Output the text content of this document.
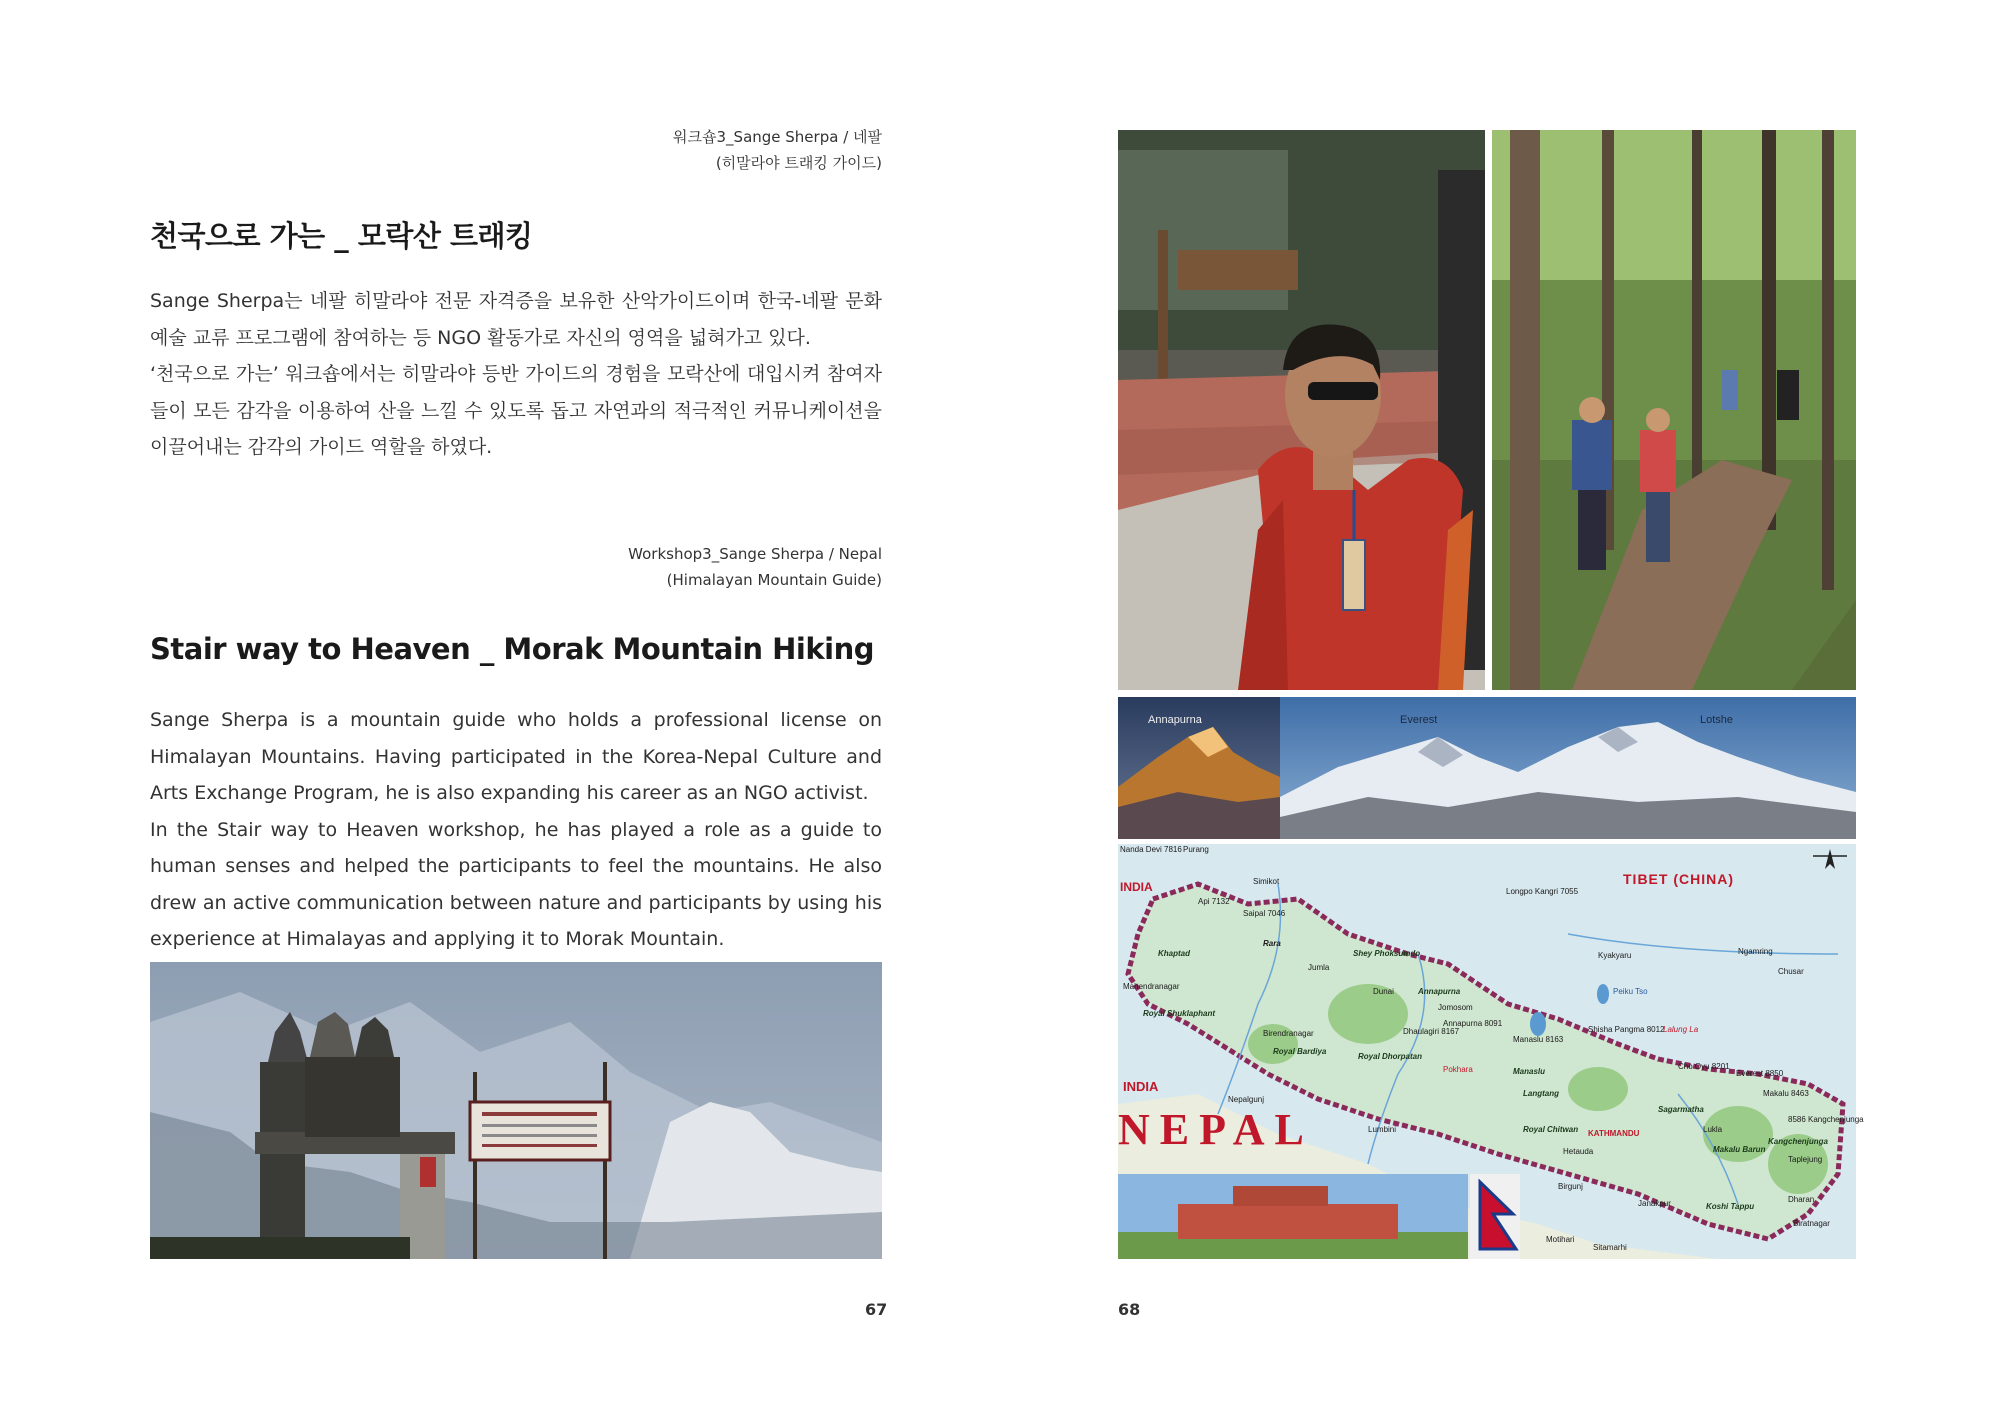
워크숍3_Sange Sherpa / 네팔
(히말라야 트래킹 가이드)
천국으로 가는 _ 모락산 트래킹

Sange Sherpa는 네팔 히말라야 전문 자격증을 보유한 산악가이드이며 한국-네팔 문화예술 교류 프로그램에 참여하는 등 NGO 활동가로 자신의 영역을 넓혀가고 있다.

‘천국으로 가는’ 워크숍에서는 히말라야 등반 가이드의 경험을 모락산에 대입시켜 참여자들이 모든 감각을 이용하여 산을 느낄 수 있도록 돕고 자연과의 적극적인 커뮤니케이션을 이끌어내는 감각의 가이드 역할을 하였다.

Workshop3_Sange Sherpa / Nepal
(Himalayan Mountain Guide)
Stair way to Heaven _ Morak Mountain Hiking

Sange Sherpa is a mountain guide who holds a professional license on Himalayan Mountains. Having participated in the Korea-Nepal Culture and Arts Exchange Program, he is also expanding his career as an NGO activist.

In the Stair way to Heaven workshop, he has played a role as a guide to human senses and helped the participants to feel the mountains. He also drew an active communication between nature and participants by using his experience at Himalayas and applying it to Morak Mountain.

67
Annapurna	Everest	Lotshe
NEPAL
TIBET (CHINA)
INDIA
INDIA
Nanda Devi 7816 Purang
Simikot
Api 7132
Saipal 7046
Longpo Kangri 7055
Rara
Khaptad
Jumla
Shey Phoksumdo	Kyakyaru	Ngamring
Chusar
Mahendranagar
Dunai	Annapurna
Jomosom
Peiku Tso
Royal Shuklaphant
Birendranagar	Dhaulagiri 8167
Annapurna 8091
Manaslu 8163
Shisha Pangma 8012
Lalung La
Royal Bardiya
Royal Dhorpatan
Pokhara	Manaslu
Cho Oyu 8201
Everest 8850
Makalu 8463
Langtang
Nepalgunj
Sagarmatha
8586 Kangchenjunga
Royal Chitwan KATHMANDU	Lukla
Kangchenjunga
Lumbini
Hetauda	Makalu Barun
Taplejung
Birgunj
Janakpur	Koshi Tappu
Dharan
Biratnagar
Motihari
Sitamarhi
68
